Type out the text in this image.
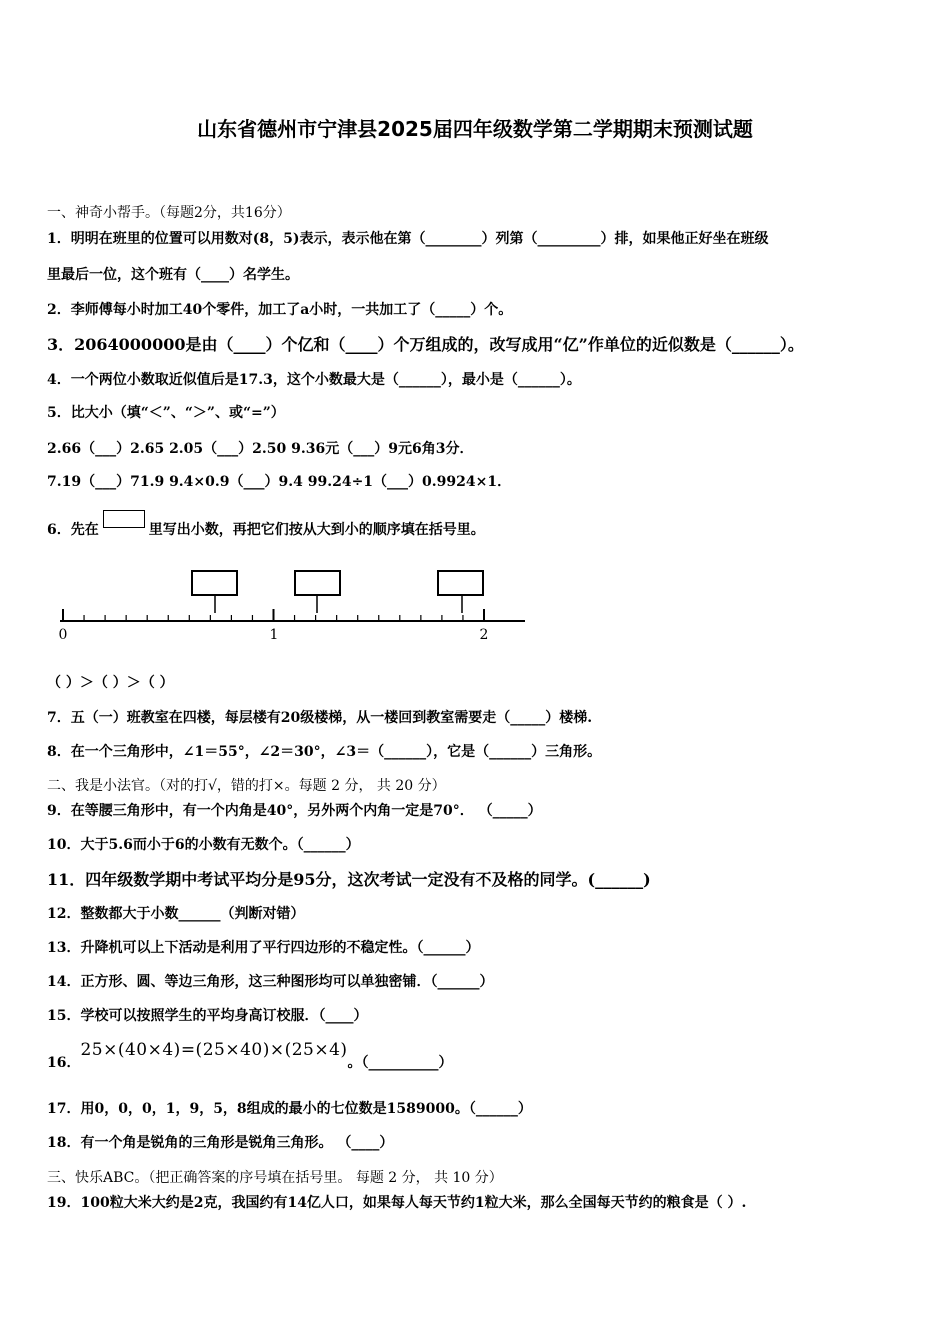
山东省德州市宁津县2025届四年级数学第二学期期末预测试题
一、神奇小帮手。（每题2分，共16分）
1．明明在班里的位置可以用数对(8，5)表示，表示他在第（________）列第（_________）排，如果他正好坐在班级
里最后一位，这个班有（____）名学生。
2．李师傅每小时加工40个零件，加工了a小时，一共加工了（_____）个。
3．2064000000是由（____）个亿和（____）个万组成的，改写成用“亿”作单位的近似数是（______）。
4．一个两位小数取近似值后是17.3，这个小数最大是（______），最小是（______）。
5．比大小（填“＜”、“＞”、或“=”）
2.66（___）2.65 2.05（___）2.50 9.36元（___）9元6角3分．
7.19（___）71.9 9.4×0.9（___）9.4 99.24÷1（___）0.9924×1．
6．先在	里写出小数，再把它们按从大到小的顺序填在括号里。
0	1	2
（ ）＞（ ）＞（ ）
7．五（一）班教室在四楼，每层楼有20级楼梯，从一楼回到教室需要走（_____）楼梯.
8．在一个三角形中，∠1＝55°，∠2＝30°，∠3＝（______），它是（______）三角形。
二、我是小法官。（对的打√，错的打×。每题 2 分， 共 20 分）
9．在等腰三角形中，有一个内角是40°，另外两个内角一定是70°． （_____）
10．大于5.6而小于6的小数有无数个。（______）
11．四年级数学期中考试平均分是95分，这次考试一定没有不及格的同学。(______)
12．整数都大于小数______（判断对错）
13．升降机可以上下活动是利用了平行四边形的不稳定性。（______）
14．正方形、圆、等边三角形，这三种图形均可以单独密铺．（______）
15．学校可以按照学生的平均身高订校服．（____）
16．25×(40×4)=(25×40)×(25×4)。（__________）
17．用0，0，0，1，9，5，8组成的最小的七位数是1589000。（______）
18．有一个角是锐角的三角形是锐角三角形。 （____）
三、快乐ABC。（把正确答案的序号填在括号里。 每题 2 分， 共 10 分）
19．100粒大米大约是2克，我国约有14亿人口，如果每人每天节约1粒大米，那么全国每天节约的粮食是（ ）.
